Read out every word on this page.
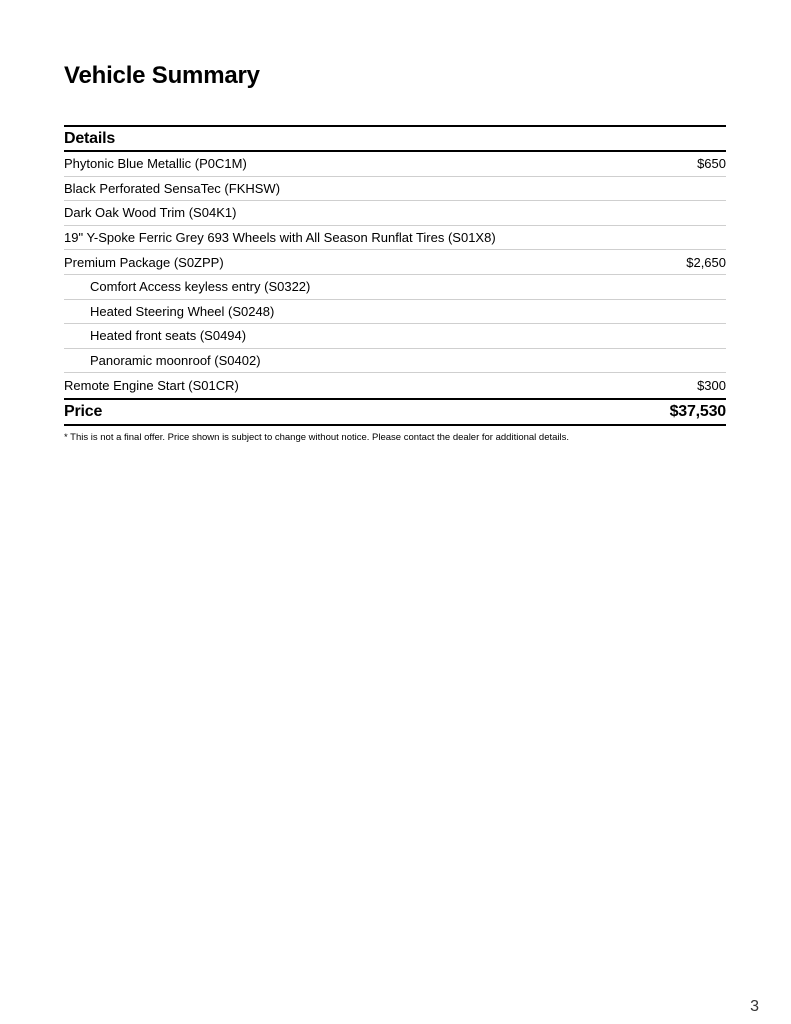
Vehicle Summary
Details
Phytonic Blue Metallic (P0C1M)	$650
Black Perforated SensaTec (FKHSW)
Dark Oak Wood Trim (S04K1)
19" Y-Spoke Ferric Grey 693 Wheels with All Season Runflat Tires (S01X8)
Premium Package (S0ZPP)	$2,650
Comfort Access keyless entry (S0322)
Heated Steering Wheel (S0248)
Heated front seats (S0494)
Panoramic moonroof (S0402)
Remote Engine Start (S01CR)	$300
Price	$37,530
* This is not a final offer. Price shown is subject to change without notice. Please contact the dealer for additional details.
3
